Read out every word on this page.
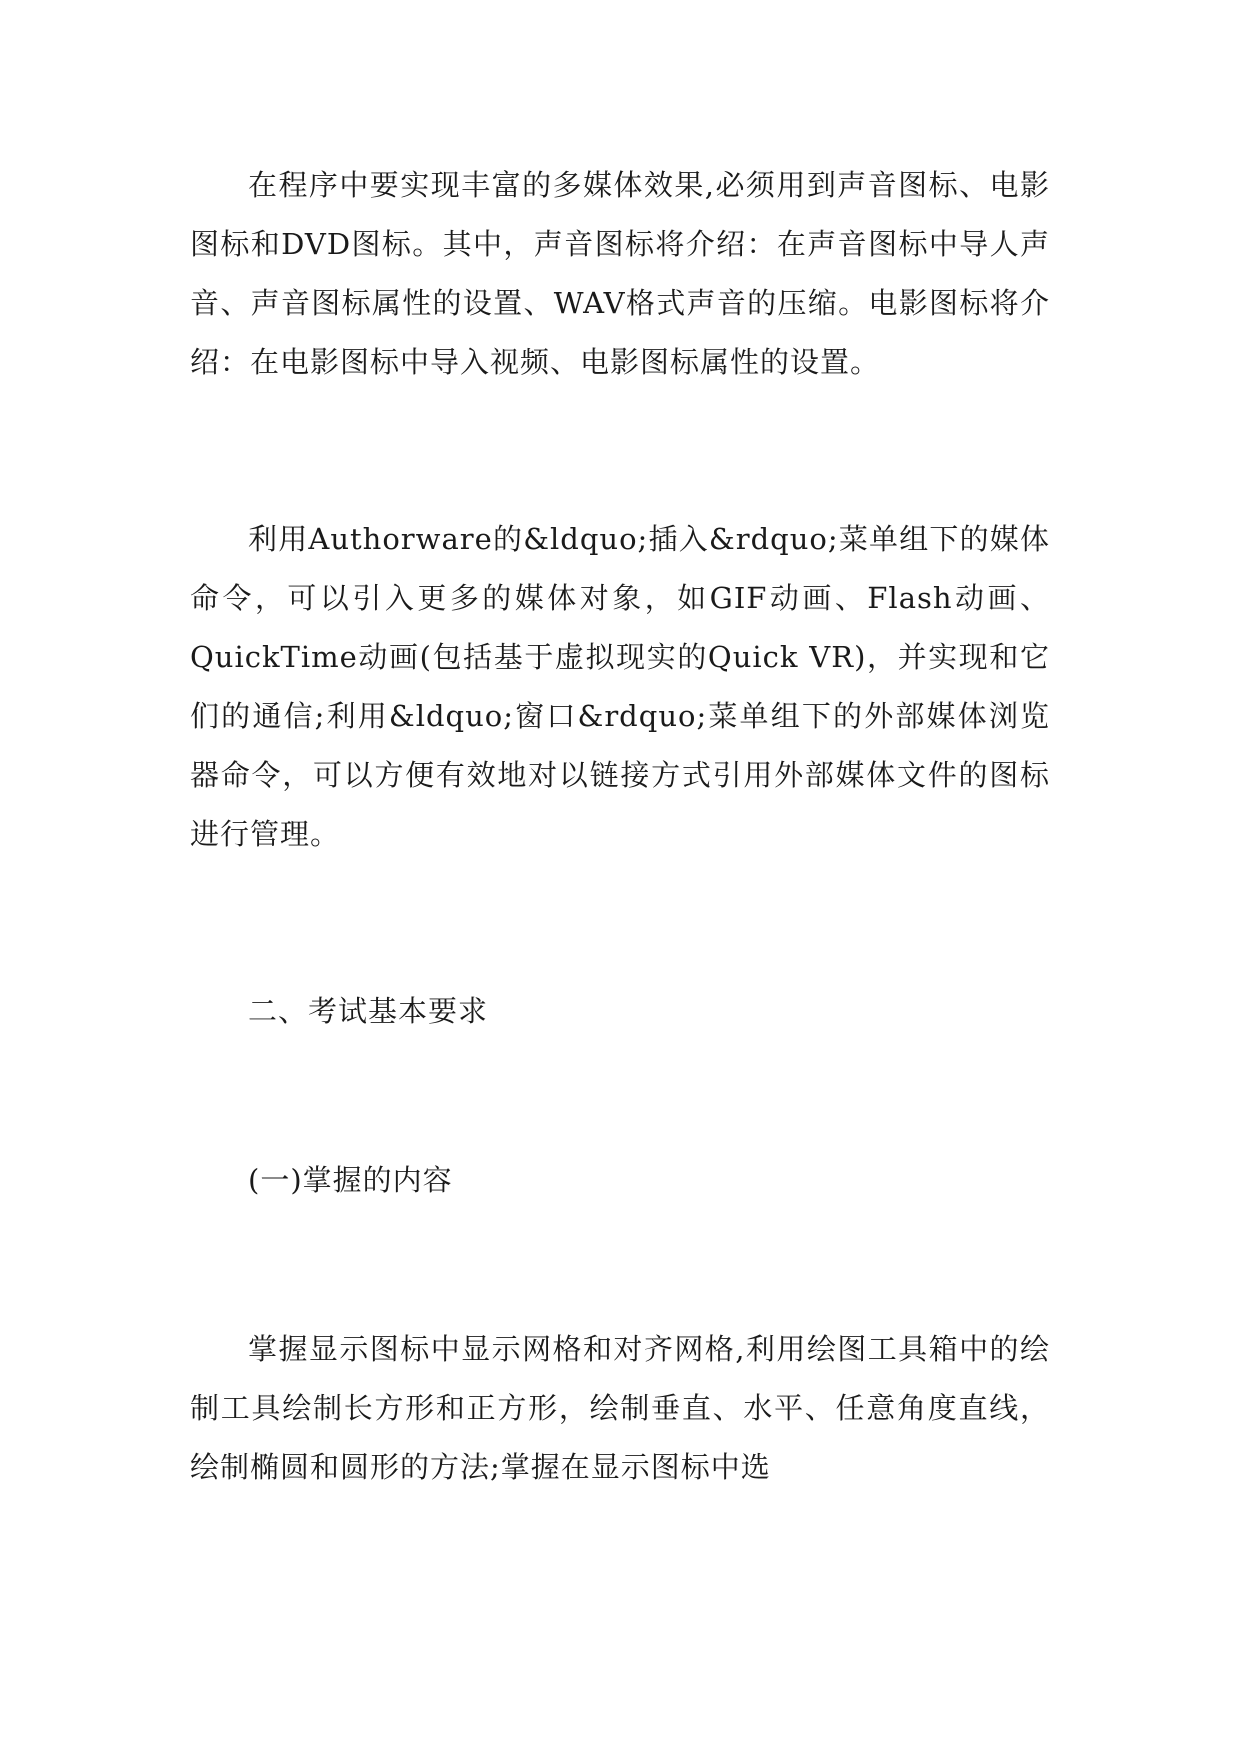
在程序中要实现丰富的多媒体效果,必须用到声音图标、电影图标和DVD图标。其中，声音图标将介绍：在声音图标中导人声音、声音图标属性的设置、WAV格式声音的压缩。电影图标将介绍：在电影图标中导入视频、电影图标属性的设置。

利用Authorware的&ldquo;插入&rdquo;菜单组下的媒体命令，可以引入更多的媒体对象，如GIF动画、Flash动画、QuickTime动画(包括基于虚拟现实的Quick VR)，并实现和它们的通信;利用&ldquo;窗口&rdquo;菜单组下的外部媒体浏览器命令，可以方便有效地对以链接方式引用外部媒体文件的图标进行管理。

二、考试基本要求

(一)掌握的内容

掌握显示图标中显示网格和对齐网格,利用绘图工具箱中的绘制工具绘制长方形和正方形，绘制垂直、水平、任意角度直线，绘制椭圆和圆形的方法;掌握在显示图标中选
